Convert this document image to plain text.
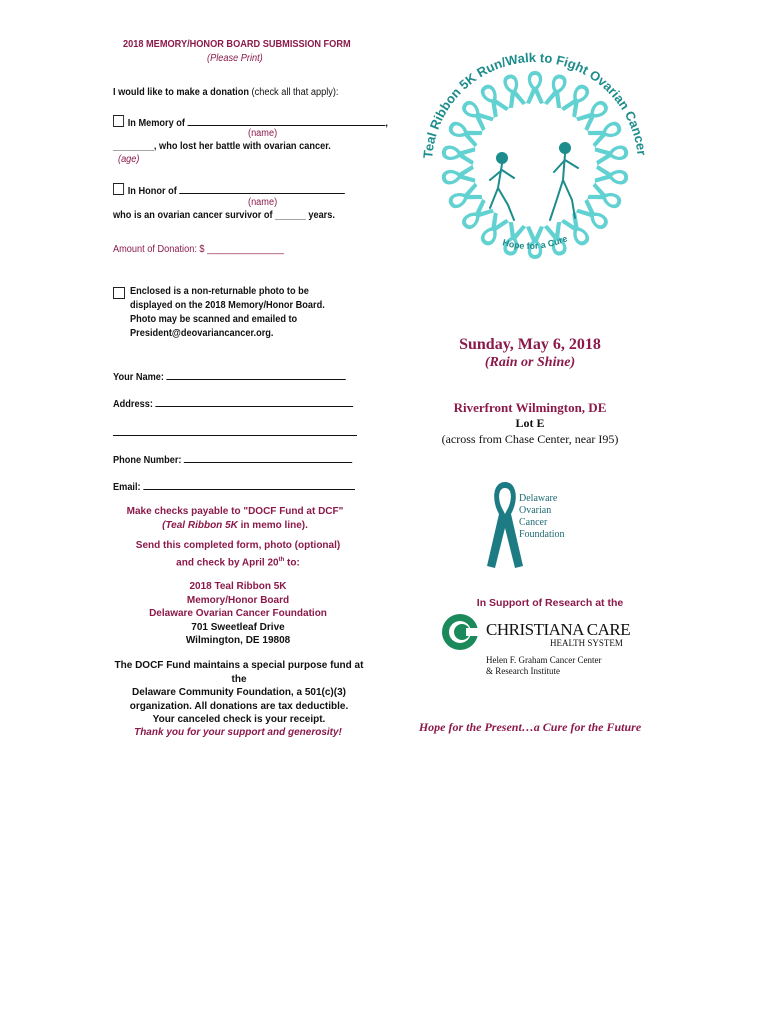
2018 MEMORY/HONOR BOARD SUBMISSION FORM
(Please Print)
I would like to make a donation (check all that apply):
In Memory of	,
(name)
________, who lost her battle with ovarian cancer.
(age)
In Honor of
(name)
who is an ovarian cancer survivor of ______ years.
Amount of Donation: $ _______________
Enclosed is a non-returnable photo to be
displayed on the 2018 Memory/Honor Board.
Photo may be scanned and emailed to
President@deovariancancer.org.
Your Name:
Address:
Phone Number:
Email:
Make checks payable to "DOCF Fund at DCF"
(Teal Ribbon 5K in memo line).
Send this completed form, photo (optional)
and check by April 20th to:
2018 Teal Ribbon 5K
Memory/Honor Board
Delaware Ovarian Cancer Foundation
701 Sweetleaf Drive
Wilmington, DE 19808
The DOCF Fund maintains a special purpose fund at the
Delaware Community Foundation, a 501(c)(3)
organization. All donations are tax deductible.
Your canceled check is your receipt.
Thank you for your support and generosity!
Teal Ribbon 5K Run/Walk to Fight Ovarian Cancer
Hope for a Cure
Sunday, May 6, 2018
(Rain or Shine)
Riverfront Wilmington, DE
Lot E
(across from Chase Center, near I95)
Delaware
Ovarian
Cancer
Foundation
In Support of Research at the
CHRISTIANA CARE
HEALTH SYSTEM
Helen F. Graham Cancer Center
& Research Institute
Hope for the Present…a Cure for the Future
